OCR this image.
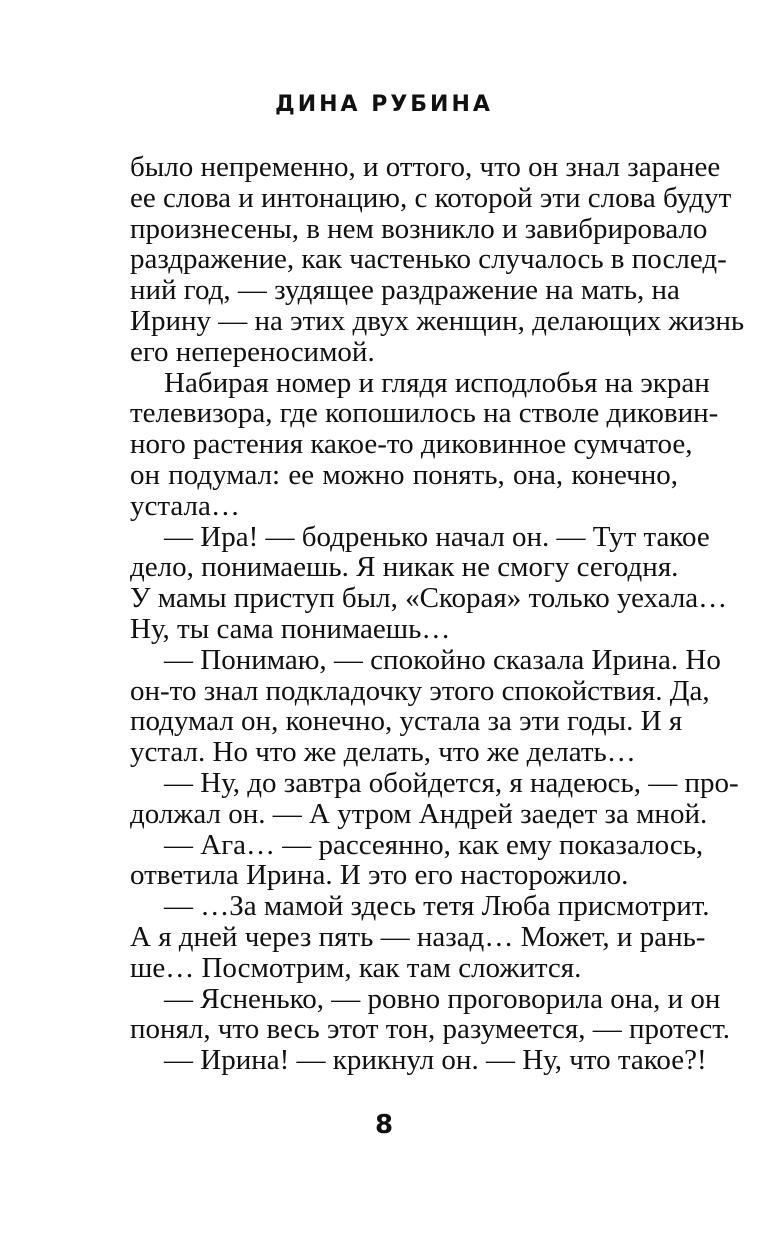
ДИНА РУБИНА
было непременно, и оттого, что он знал заранее
ее слова и интонацию, с которой эти слова будут
произнесены, в нем возникло и завибрировало
раздражение, как частенько случалось в послед-
ний год, — зудящее раздражение на мать, на
Ирину — на этих двух женщин, делающих жизнь
его непереносимой.
Набирая номер и глядя исподлобья на экран
телевизора, где копошилось на стволе диковин-
ного растения какое-то диковинное сумчатое,
он подумал: ее можно понять, она, конечно,
устала…
— Ира! — бодренько начал он. — Тут такое
дело, понимаешь. Я никак не смогу сегодня.
У мамы приступ был, «Скорая» только уехала…
Ну, ты сама понимаешь…
— Понимаю, — спокойно сказала Ирина. Но
он-то знал подкладочку этого спокойствия. Да,
подумал он, конечно, устала за эти годы. И я
устал. Но что же делать, что же делать…
— Ну, до завтра обойдется, я надеюсь, — про-
должал он. — А утром Андрей заедет за мной.
— Ага… — рассеянно, как ему показалось,
ответила Ирина. И это его насторожило.
— …За мамой здесь тетя Люба присмотрит.
А я дней через пять — назад… Может, и рань-
ше… Посмотрим, как там сложится.
— Ясненько, — ровно проговорила она, и он
понял, что весь этот тон, разумеется, — протест.
— Ирина! — крикнул он. — Ну, что такое?!
8
